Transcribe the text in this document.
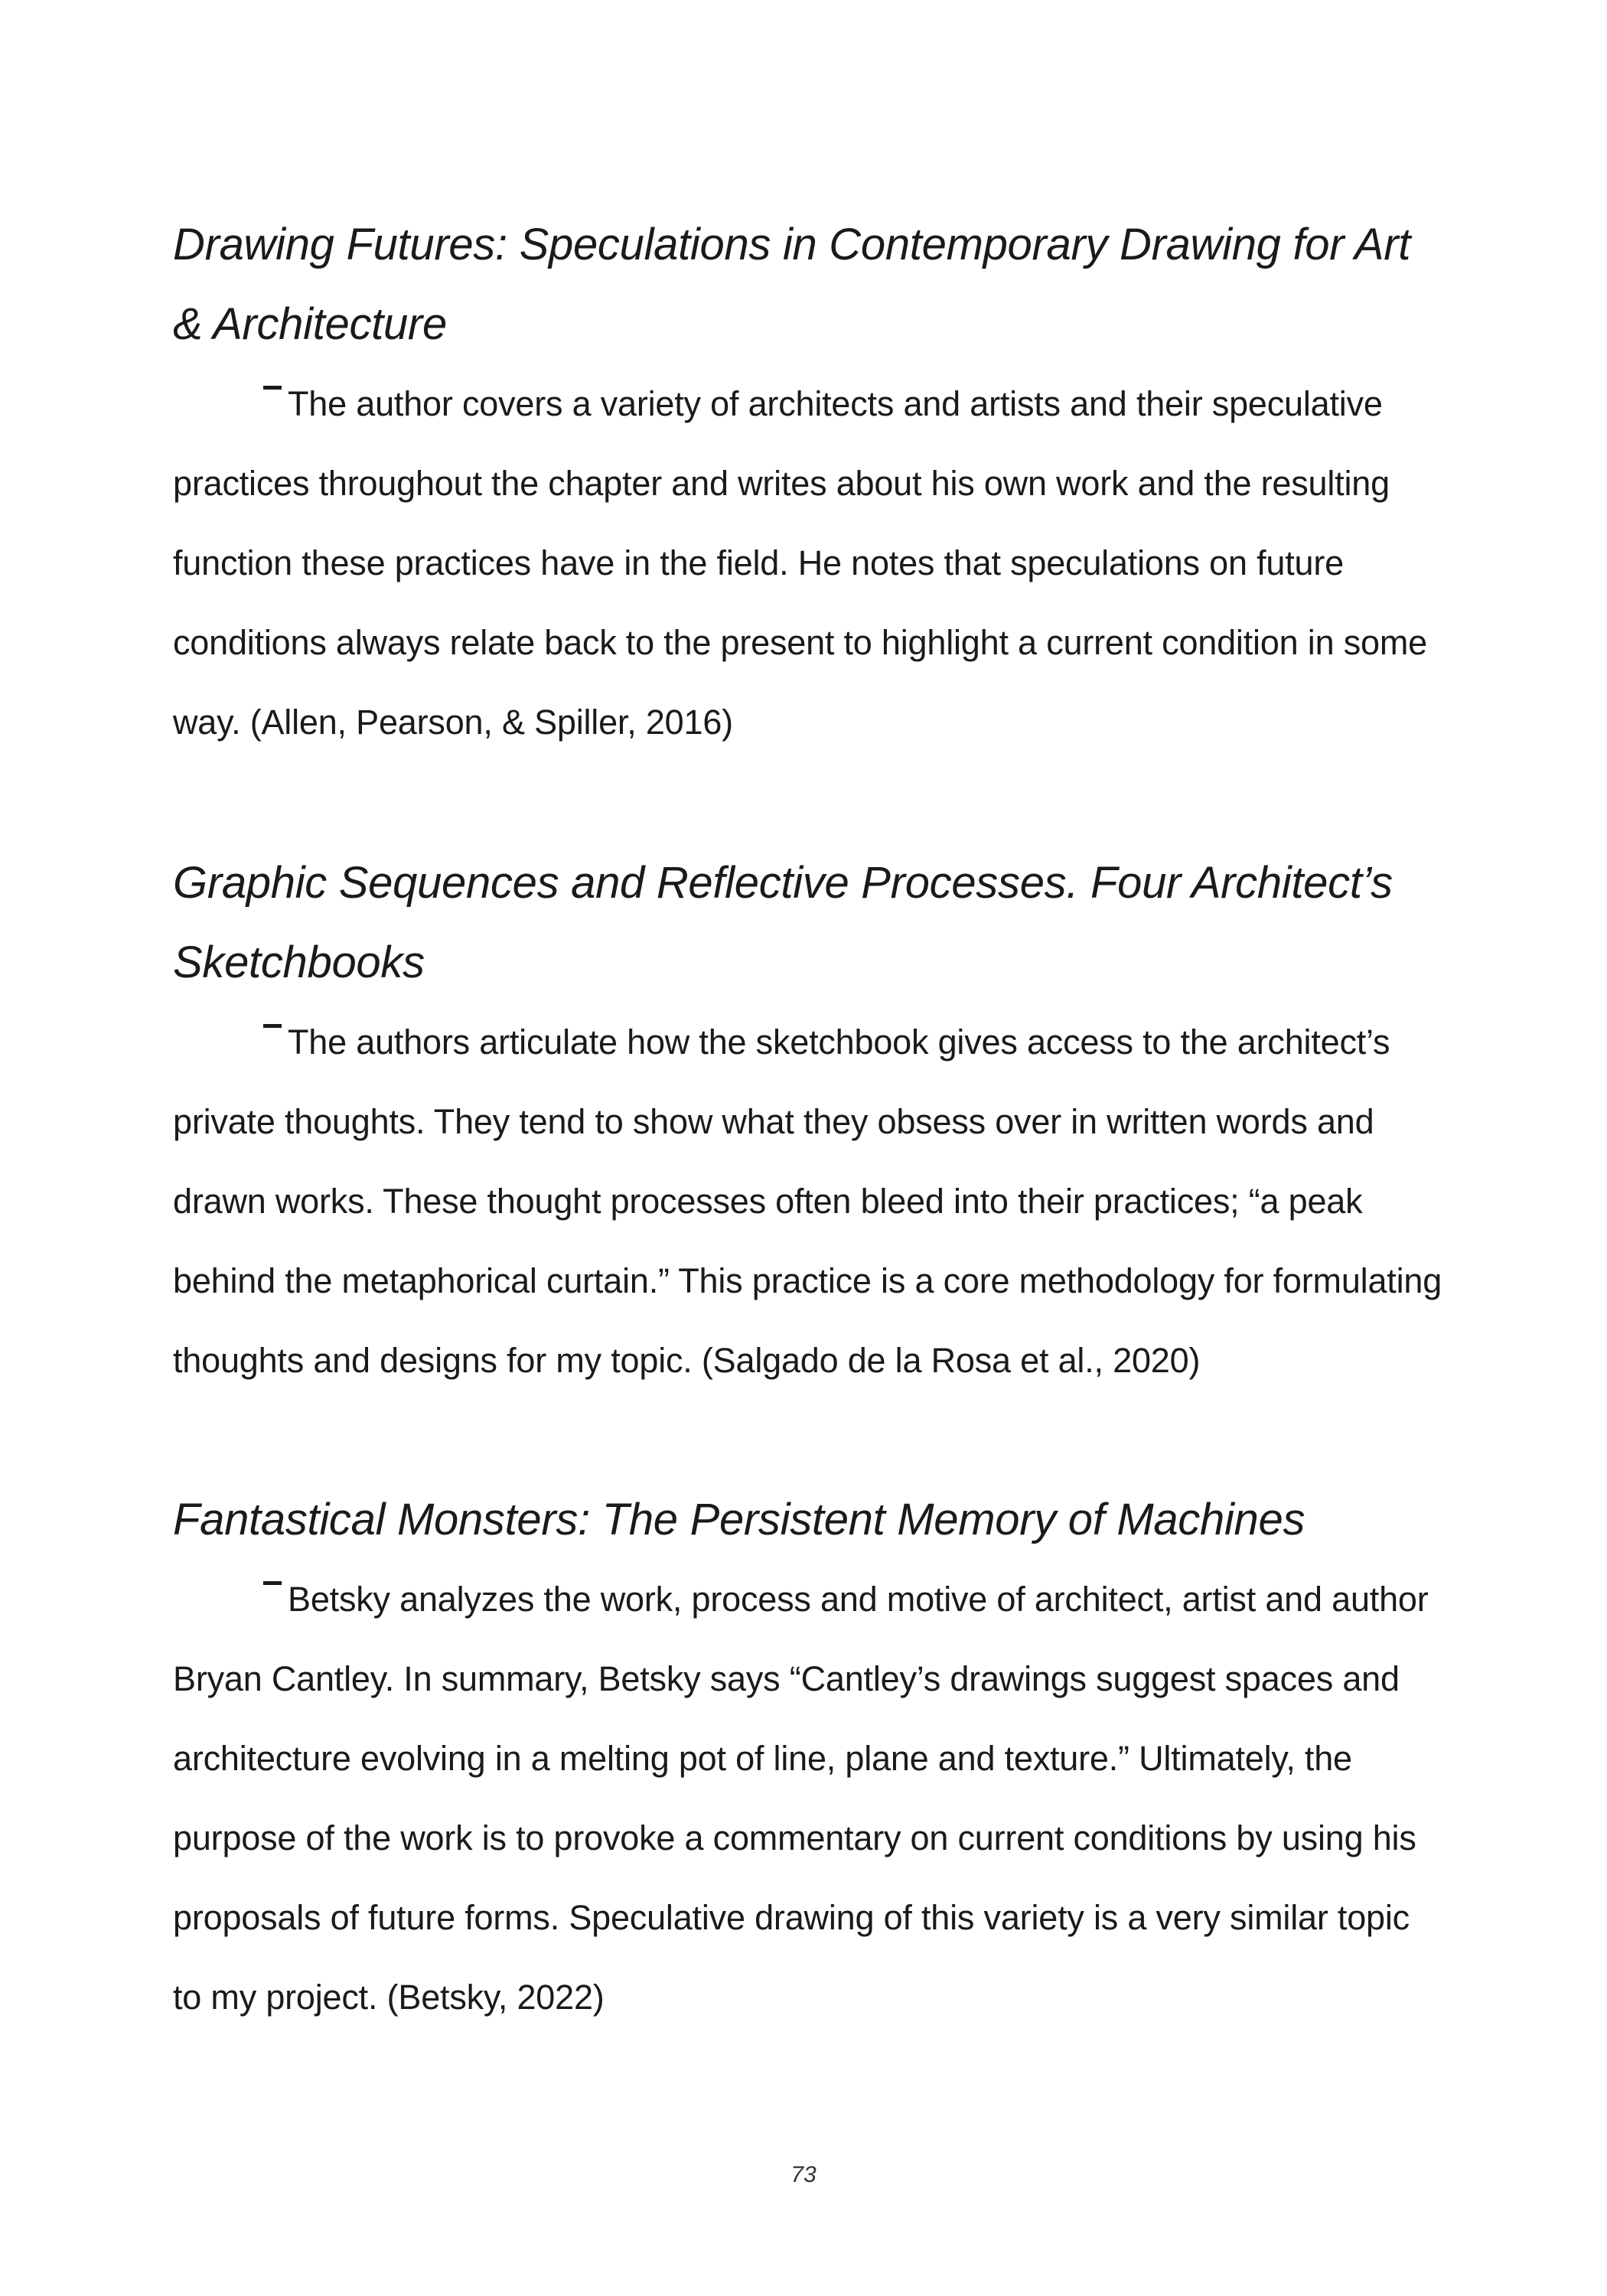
Drawing Futures: Speculations in Contemporary Drawing for Art & Architecture

The author covers a variety of architects and artists and their speculative practices throughout the chapter and writes about his own work and the resulting function these practices have in the field. He notes that speculations on future conditions always relate back to the present to highlight a current condition in some way. (Allen, Pearson, & Spiller, 2016)

Graphic Sequences and Reflective Processes. Four Architect’s Sketchbooks

The authors articulate how the sketchbook gives access to the architect’s private thoughts. They tend to show what they obsess over in written words and drawn works. These thought processes often bleed into their practices; “a peak behind the metaphorical curtain.” This practice is a core methodology for formulating thoughts and designs for my topic. (Salgado de la Rosa et al., 2020)

Fantastical Monsters: The Persistent Memory of Machines

Betsky analyzes the work, process and motive of architect, artist and author Bryan Cantley. In summary, Betsky says “Cantley’s drawings suggest spaces and architecture evolving in a melting pot of line, plane and texture.” Ultimately, the purpose of the work is to provoke a commentary on current conditions by using his proposals of future forms. Speculative drawing of this variety is a very similar topic to my project. (Betsky, 2022)

73
